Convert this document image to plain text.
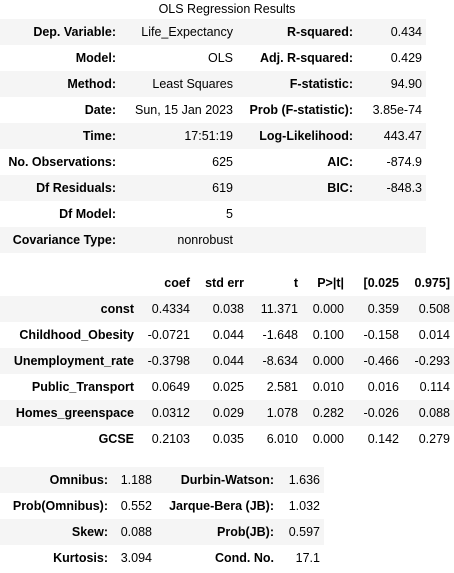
OLS Regression Results
Dep. Variable:	Life_Expectancy	R-squared:	0.434
Model:	OLS	Adj. R-squared:	0.429
Method:	Least Squares	F-statistic:	94.90
Date:	Sun, 15 Jan 2023	Prob (F-statistic):	3.85e-74
Time:	17:51:19	Log-Likelihood:	443.47
No. Observations:	625	AIC:	-874.9
Df Residuals:	619	BIC:	-848.3
Df Model:	5		
Covariance Type:	nonrobust		
	coef	std err	t	P>|t|	[0.025	0.975]
const	0.4334	0.038	11.371	0.000	0.359	0.508
Childhood_Obesity	-0.0721	0.044	-1.648	0.100	-0.158	0.014
Unemployment_rate	-0.3798	0.044	-8.634	0.000	-0.466	-0.293
Public_Transport	0.0649	0.025	2.581	0.010	0.016	0.114
Homes_greenspace	0.0312	0.029	1.078	0.282	-0.026	0.088
GCSE	0.2103	0.035	6.010	0.000	0.142	0.279
Omnibus:	1.188	Durbin-Watson:	1.636
Prob(Omnibus):	0.552	Jarque-Bera (JB):	1.032
Skew:	0.088	Prob(JB):	0.597
Kurtosis:	3.094	Cond. No.	17.1
